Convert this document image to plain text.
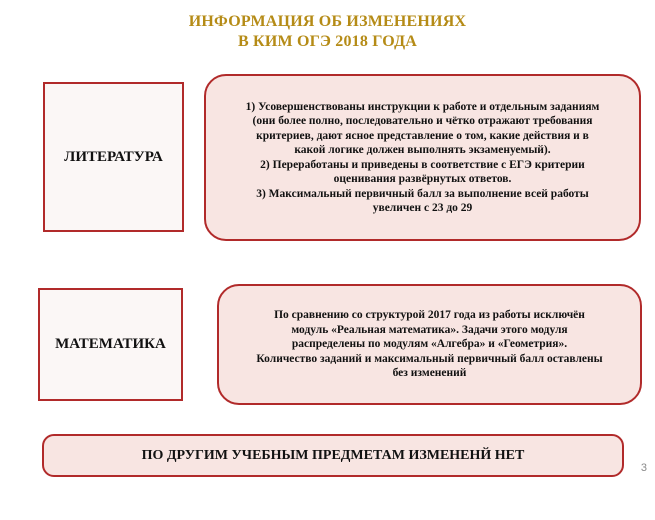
ИНФОРМАЦИЯ ОБ ИЗМЕНЕНИЯХ
В КИМ ОГЭ 2018 ГОДА
ЛИТЕРАТУРА
1) Усовершенствованы инструкции к работе и отдельным заданиям
(они более полно, последовательно и чётко отражают требования
критериев, дают ясное представление о том, какие действия и в
какой логике должен выполнять экзаменуемый).
2) Переработаны и приведены в соответствие с ЕГЭ критерии
оценивания развёрнутых ответов.
3) Максимальный первичный балл за выполнение всей работы
увеличен с 23 до 29
МАТЕМАТИКА
По сравнению со структурой 2017 года из работы исключён
модуль «Реальная математика». Задачи этого модуля
распределены по модулям «Алгебра» и «Геометрия».
Количество заданий и максимальный первичный балл оставлены
без изменений
ПО ДРУГИМ УЧЕБНЫМ ПРЕДМЕТАМ ИЗМЕНЕНЙ НЕТ
3
